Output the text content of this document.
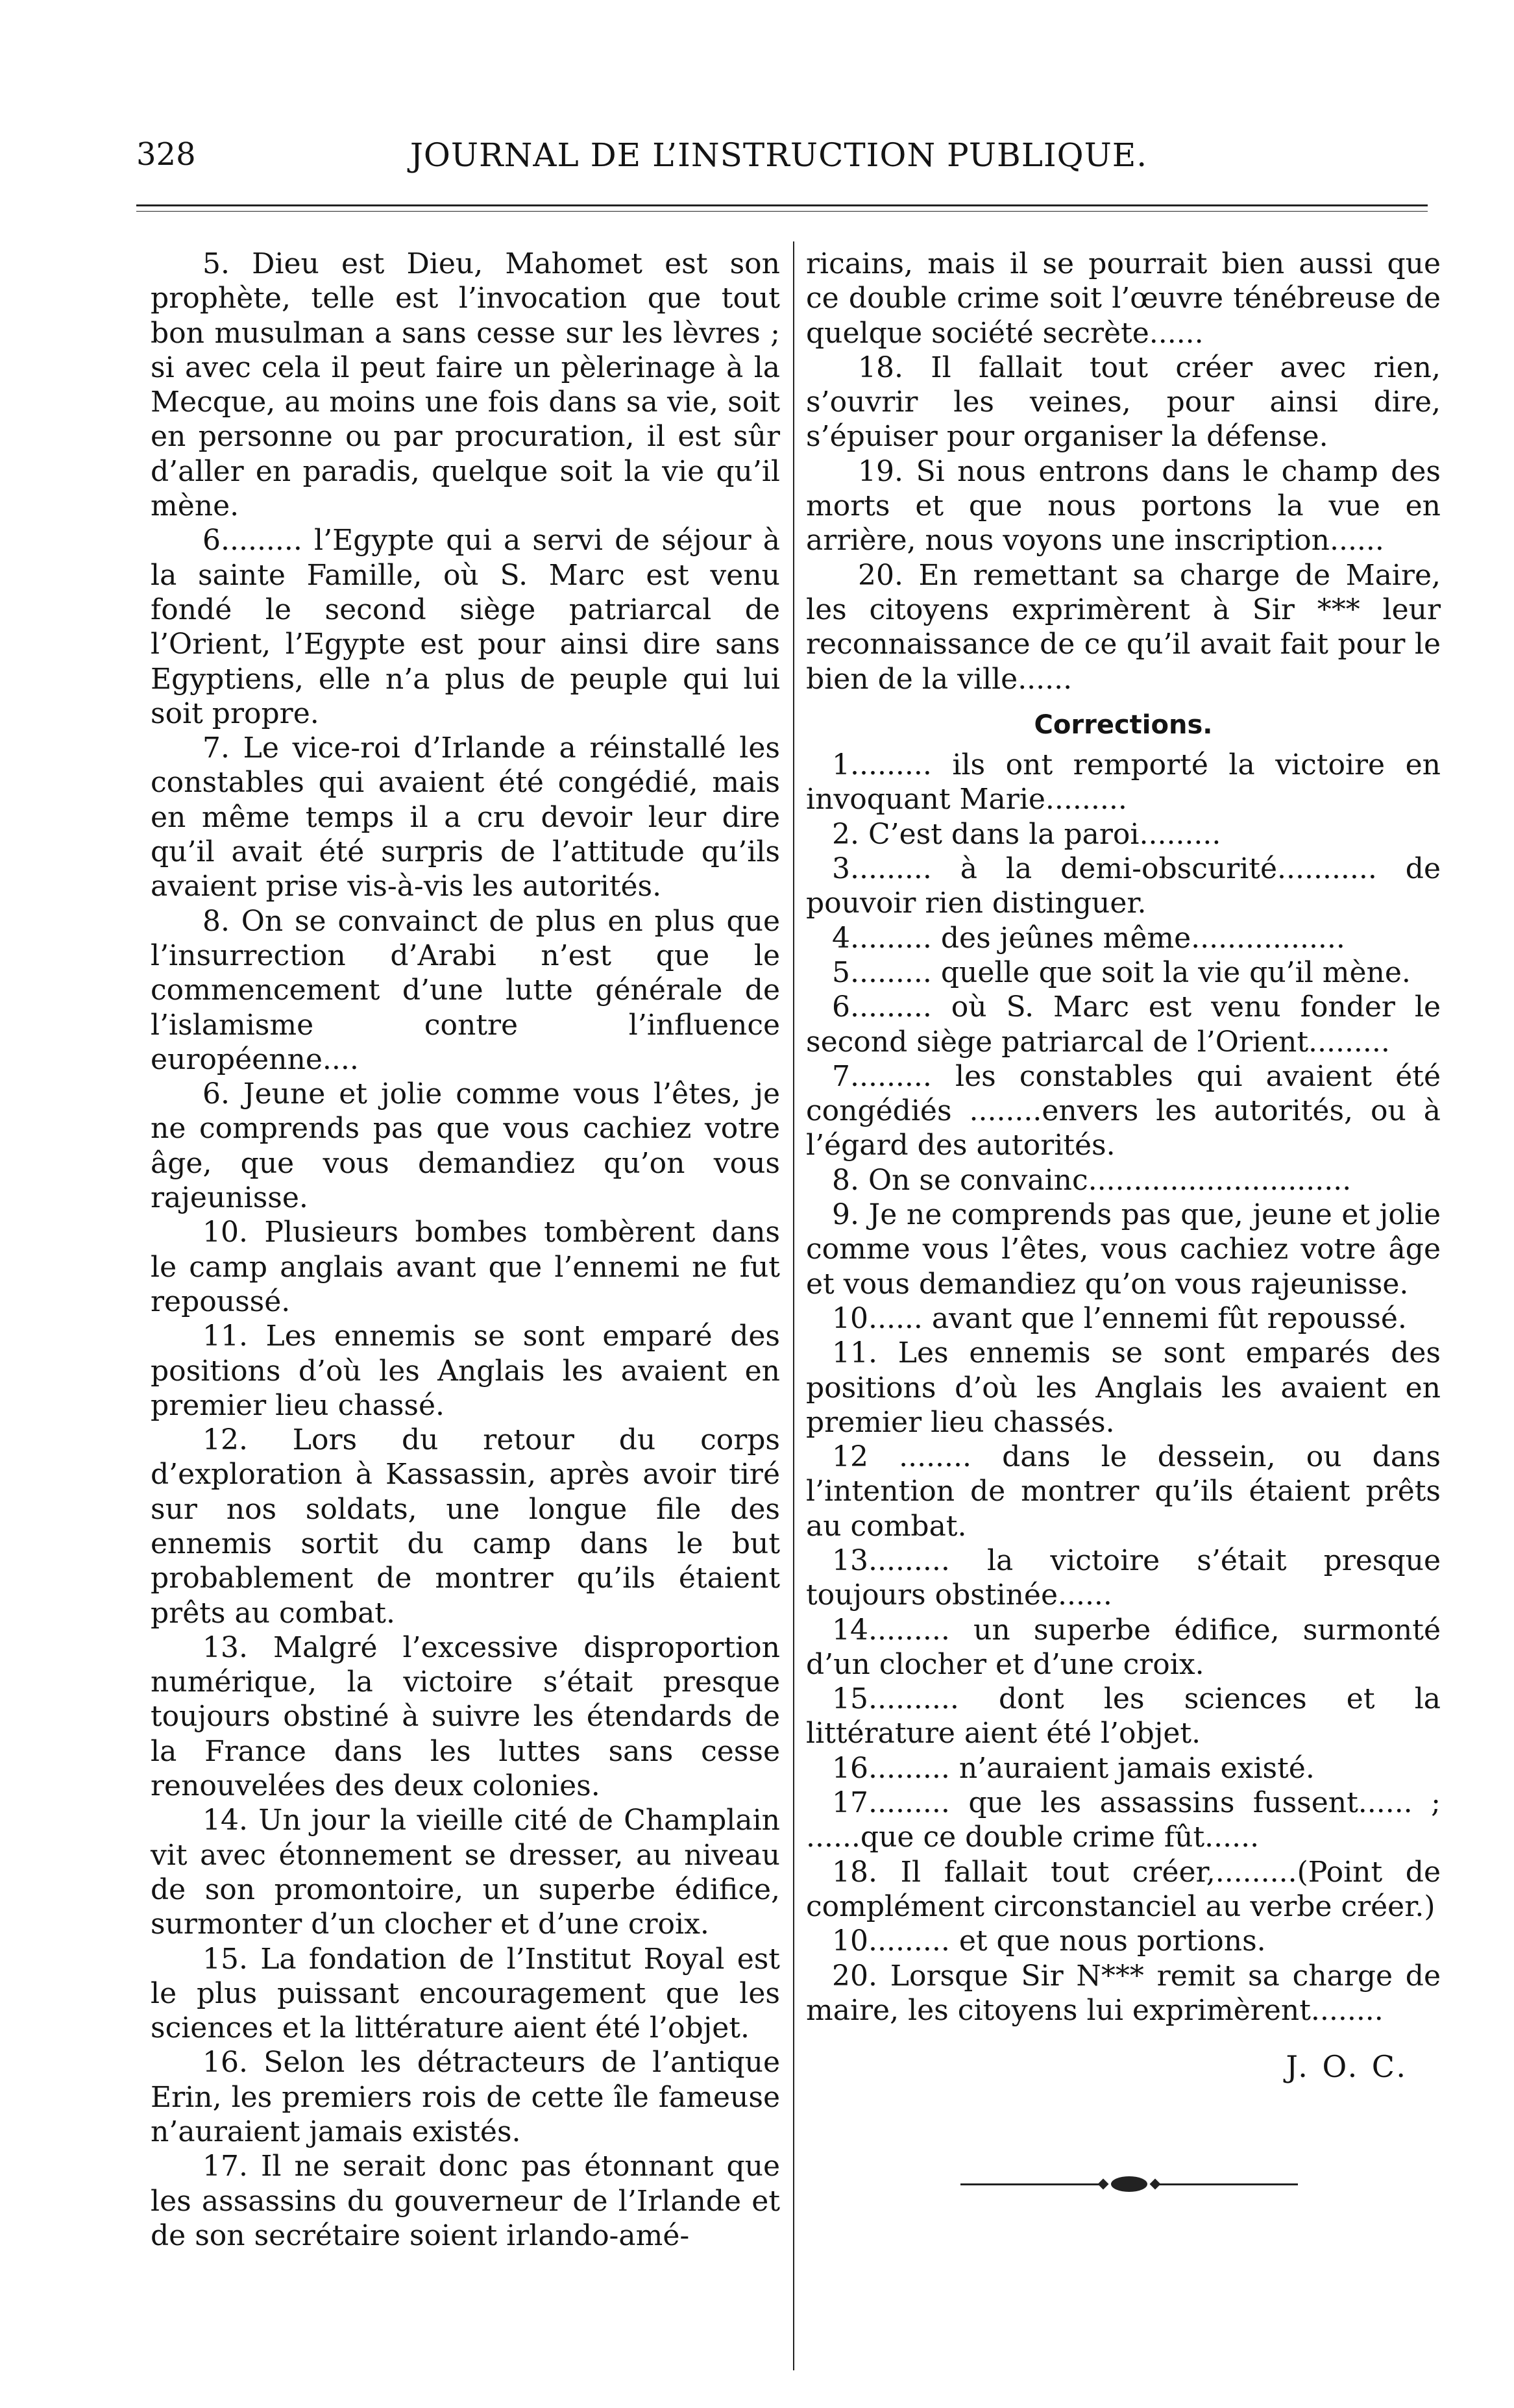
328	JOURNAL DE L’INSTRUCTION PUBLIQUE.

5. Dieu est Dieu, Mahomet est son prophète, telle est l’invocation que tout bon musulman a sans cesse sur les lèvres ; si avec cela il peut faire un pèlerinage à la Mecque, au moins une fois dans sa vie, soit en personne ou par procuration, il est sûr d’aller en paradis, quelque soit la vie qu’il mène.

6......... l’Egypte qui a servi de séjour à la sainte Famille, où S. Marc est venu fondé le second siège patriarcal de l’Orient, l’Egypte est pour ainsi dire sans Egyptiens, elle n’a plus de peuple qui lui soit propre.

7. Le vice-roi d’Irlande a réinstallé les constables qui avaient été congédié, mais en même temps il a cru devoir leur dire qu’il avait été surpris de l’attitude qu’ils avaient prise vis-à-vis les autorités.

8. On se convainct de plus en plus que l’insurrection d’Arabi n’est que le commencement d’une lutte générale de l’islamisme contre l’influence européenne....

6. Jeune et jolie comme vous l’êtes, je ne comprends pas que vous cachiez votre âge, que vous demandiez qu’on vous rajeunisse.

10. Plusieurs bombes tombèrent dans le camp anglais avant que l’ennemi ne fut repoussé.

11. Les ennemis se sont emparé des positions d’où les Anglais les avaient en premier lieu chassé.

12. Lors du retour du corps d’exploration à Kassassin, après avoir tiré sur nos soldats, une longue file des ennemis sortit du camp dans le but probablement de montrer qu’ils étaient prêts au combat.

13. Malgré l’excessive disproportion numérique, la victoire s’était presque toujours obstiné à suivre les étendards de la France dans les luttes sans cesse renouvelées des deux colonies.

14. Un jour la vieille cité de Champlain vit avec étonnement se dresser, au niveau de son promontoire, un superbe édifice, surmonter d’un clocher et d’une croix.

15. La fondation de l’Institut Royal est le plus puissant encouragement que les sciences et la littérature aient été l’objet.

16. Selon les détracteurs de l’antique Erin, les premiers rois de cette île fameuse n’auraient jamais existés.

17. Il ne serait donc pas étonnant que les assassins du gouverneur de l’Irlande et de son secrétaire soient irlando-amé-

ricains, mais il se pourrait bien aussi que ce double crime soit l’œuvre ténébreuse de quelque société secrète......

18. Il fallait tout créer avec rien, s’ouvrir les veines, pour ainsi dire, s’épuiser pour organiser la défense.

19. Si nous entrons dans le champ des morts et que nous portons la vue en arrière, nous voyons une inscription......

20. En remettant sa charge de Maire, les citoyens exprimèrent à Sir *** leur reconnaissance de ce qu’il avait fait pour le bien de la ville......

Corrections.

1......... ils ont remporté la victoire en invoquant Marie.........

2. C’est dans la paroi.........

3......... à la demi-obscurité........... de pouvoir rien distinguer.

4......... des jeûnes même.................

5......... quelle que soit la vie qu’il mène.

6......... où S. Marc est venu fonder le second siège patriarcal de l’Orient.........

7......... les constables qui avaient été congédiés ........envers les autorités, ou à l’égard des autorités.

8. On se convainc.............................

9. Je ne comprends pas que, jeune et jolie comme vous l’êtes, vous cachiez votre âge et vous demandiez qu’on vous rajeunisse.

10...... avant que l’ennemi fût repoussé.

11. Les ennemis se sont emparés des positions d’où les Anglais les avaient en premier lieu chassés.

12 ........ dans le dessein, ou dans l’intention de montrer qu’ils étaient prêts au combat.

13......... la victoire s’était presque toujours obstinée......

14......... un superbe édifice, surmonté d’un clocher et d’une croix.

15.......... dont les sciences et la littérature aient été l’objet.

16......... n’auraient jamais existé.

17......... que les assassins fussent...... ; ......que ce double crime fût......

18. Il fallait tout créer,.........(Point de complément circonstanciel au verbe créer.)

10......... et que nous portions.

20. Lorsque Sir N*** remit sa charge de maire, les citoyens lui exprimèrent........

J. O. C.
